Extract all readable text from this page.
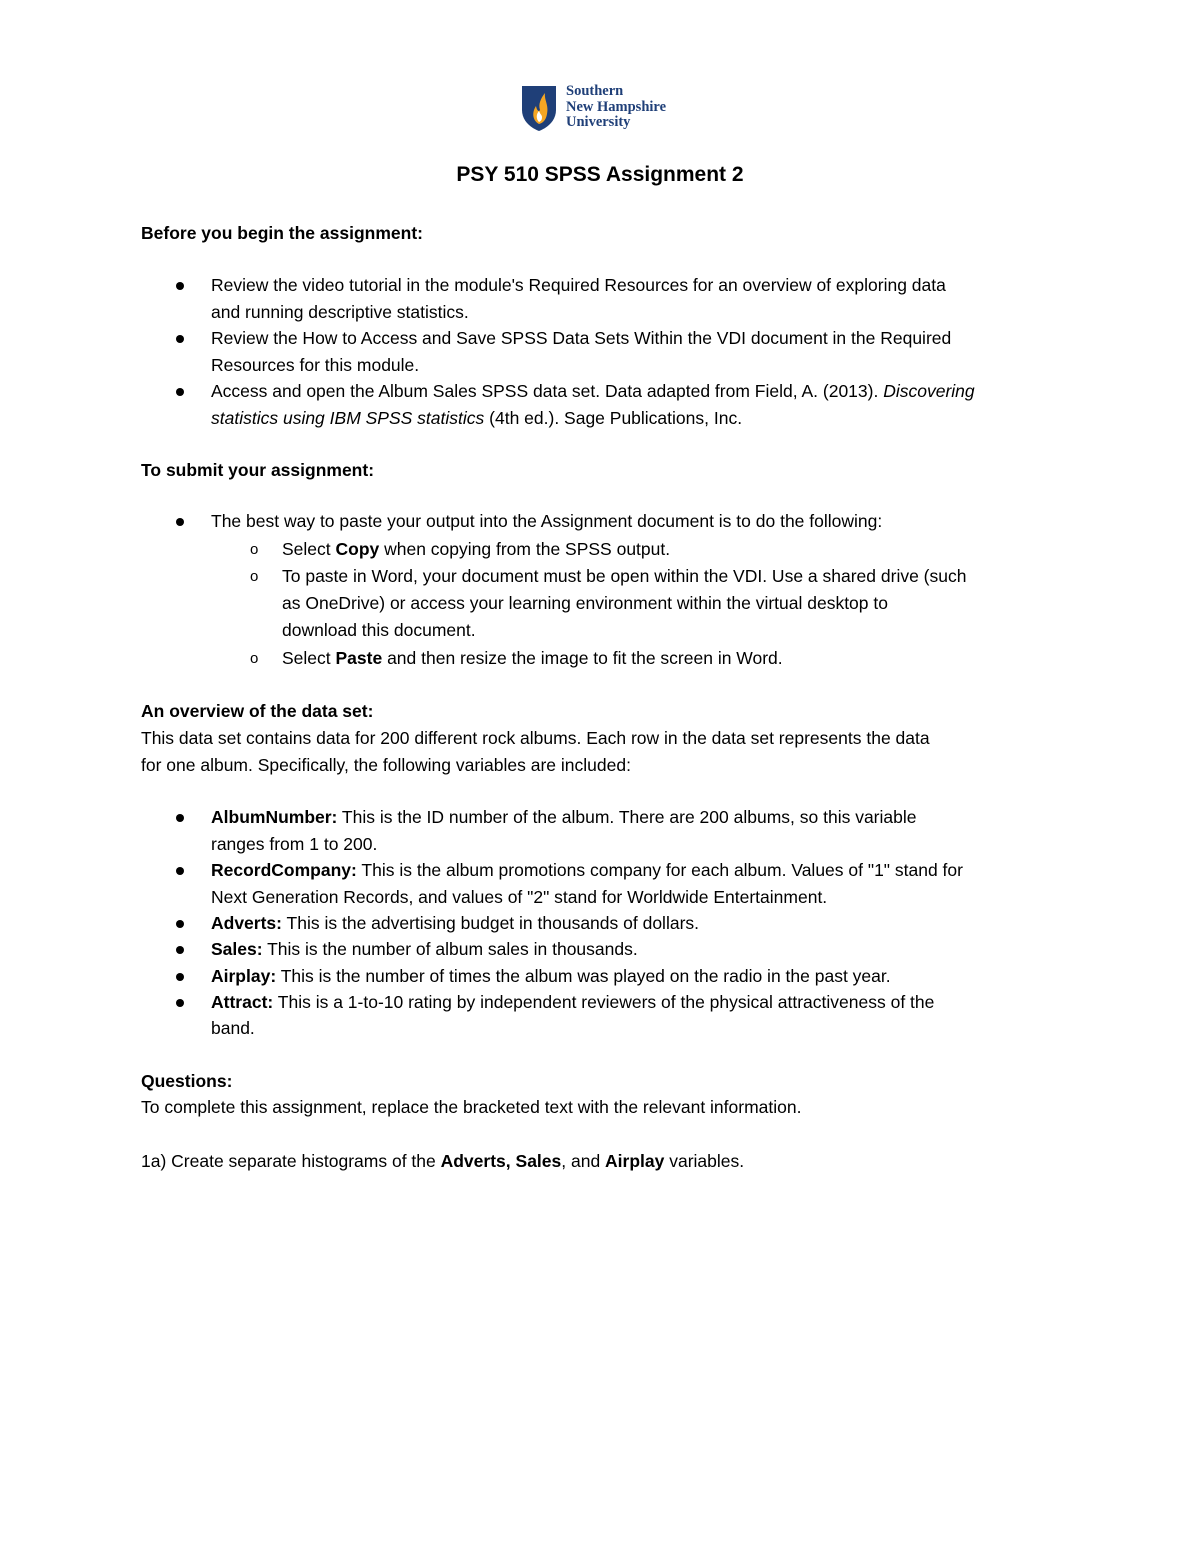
Southern
New Hampshire
University
PSY 510 SPSS Assignment 2
Before you begin the assignment:
Review the video tutorial in the module's Required Resources for an overview of exploring data
and running descriptive statistics.
Review the How to Access and Save SPSS Data Sets Within the VDI document in the Required
Resources for this module.
Access and open the Album Sales SPSS data set. Data adapted from Field, A. (2013). Discovering
statistics using IBM SPSS statistics (4th ed.). Sage Publications, Inc.
To submit your assignment:
The best way to paste your output into the Assignment document is to do the following:
o Select Copy when copying from the SPSS output.
o To paste in Word, your document must be open within the VDI. Use a shared drive (such
as OneDrive) or access your learning environment within the virtual desktop to
download this document.
o Select Paste and then resize the image to fit the screen in Word.
An overview of the data set:
This data set contains data for 200 different rock albums. Each row in the data set represents the data
for one album. Specifically, the following variables are included:
AlbumNumber: This is the ID number of the album. There are 200 albums, so this variable
ranges from 1 to 200.
RecordCompany: This is the album promotions company for each album. Values of "1" stand for
Next Generation Records, and values of "2" stand for Worldwide Entertainment.
Adverts: This is the advertising budget in thousands of dollars.
Sales: This is the number of album sales in thousands.
Airplay: This is the number of times the album was played on the radio in the past year.
Attract: This is a 1-to-10 rating by independent reviewers of the physical attractiveness of the
band.
Questions:
To complete this assignment, replace the bracketed text with the relevant information.
1a) Create separate histograms of the Adverts, Sales, and Airplay variables.
